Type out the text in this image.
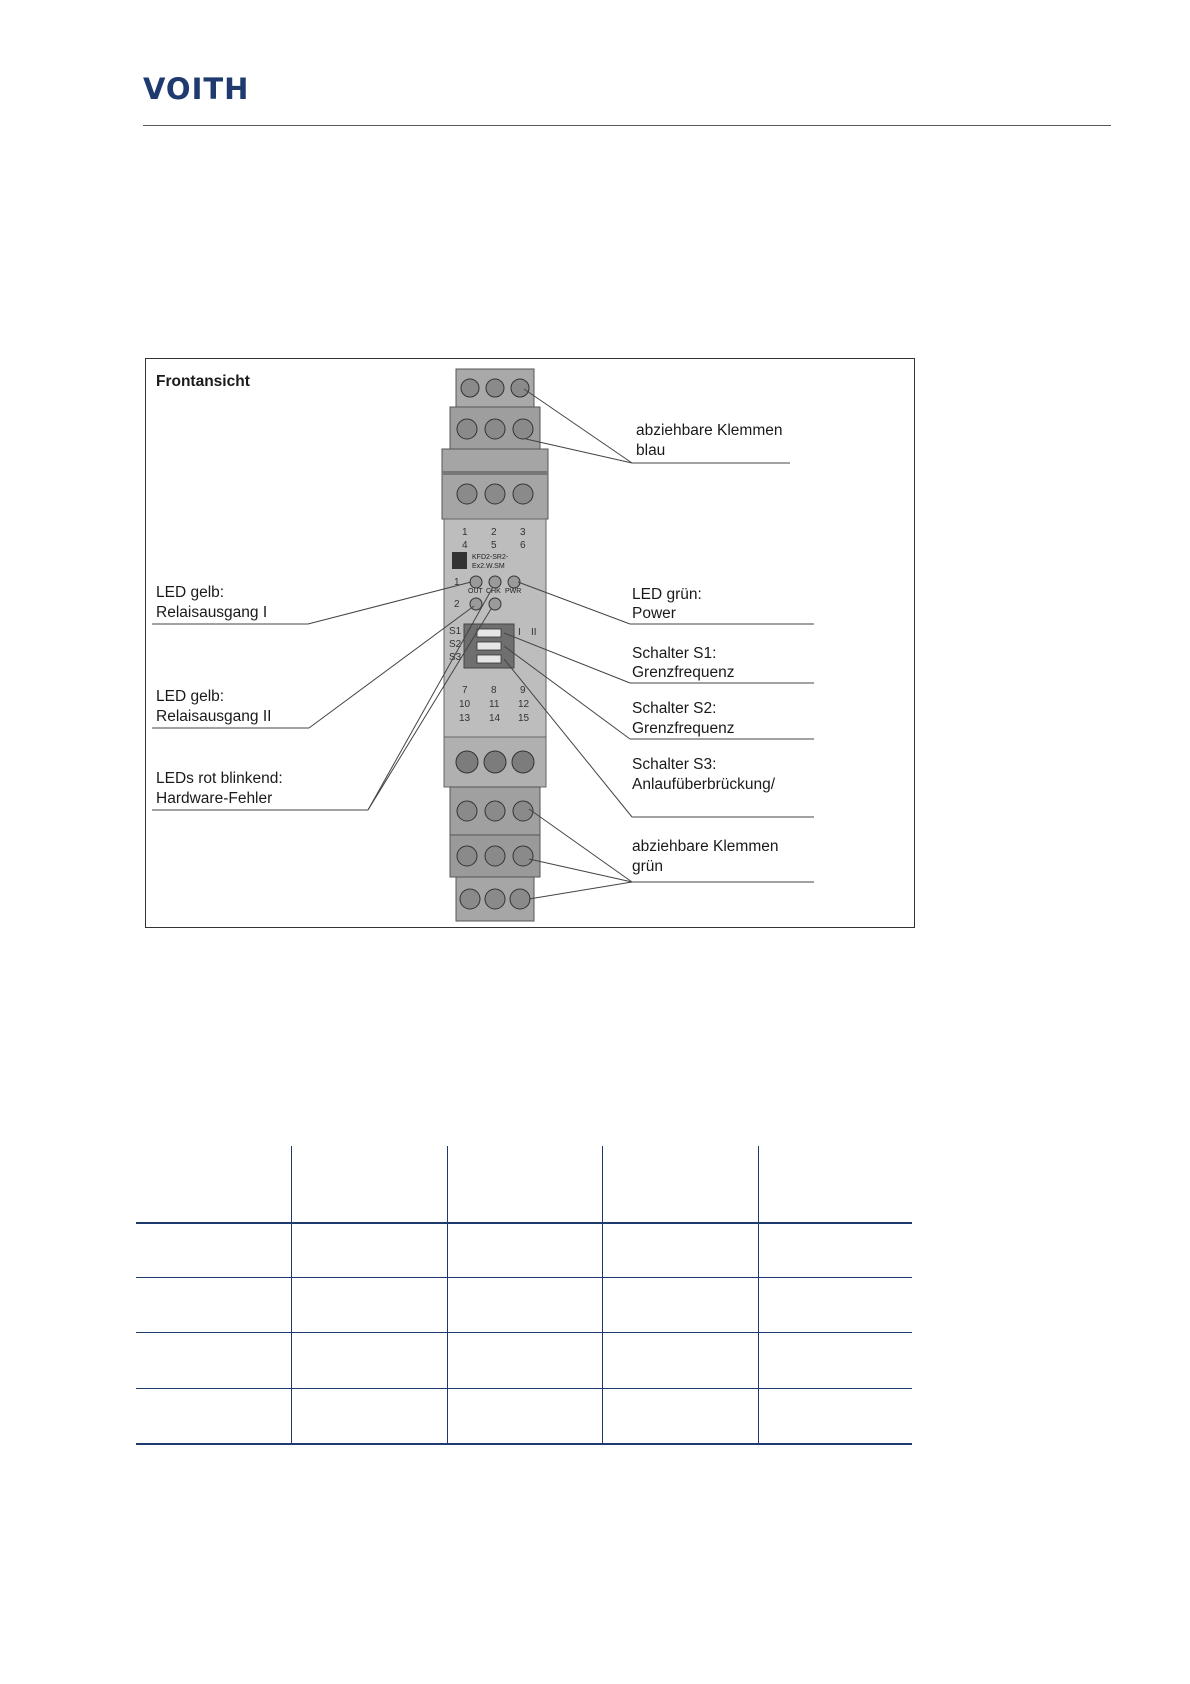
VOITH
Frontansicht
1 2 3
4 5 6
KFD2-SR2-
Ex2.W.SM
OUT CHK PWR
1
2
S1
S2
S3
I II
7 8 9
10 11 12
13 14 15
abziehbare Klemmen
blau
LED gelb:
Relaisausgang I
LED grün:
Power
Schalter S1:
Grenzfrequenz
LED gelb:
Relaisausgang II	Schalter S2:
Grenzfrequenz
Schalter S3:
Anlaufüberbrückung/
LEDs rot blinkend:
Hardware-Fehler
abziehbare Klemmen
grün
